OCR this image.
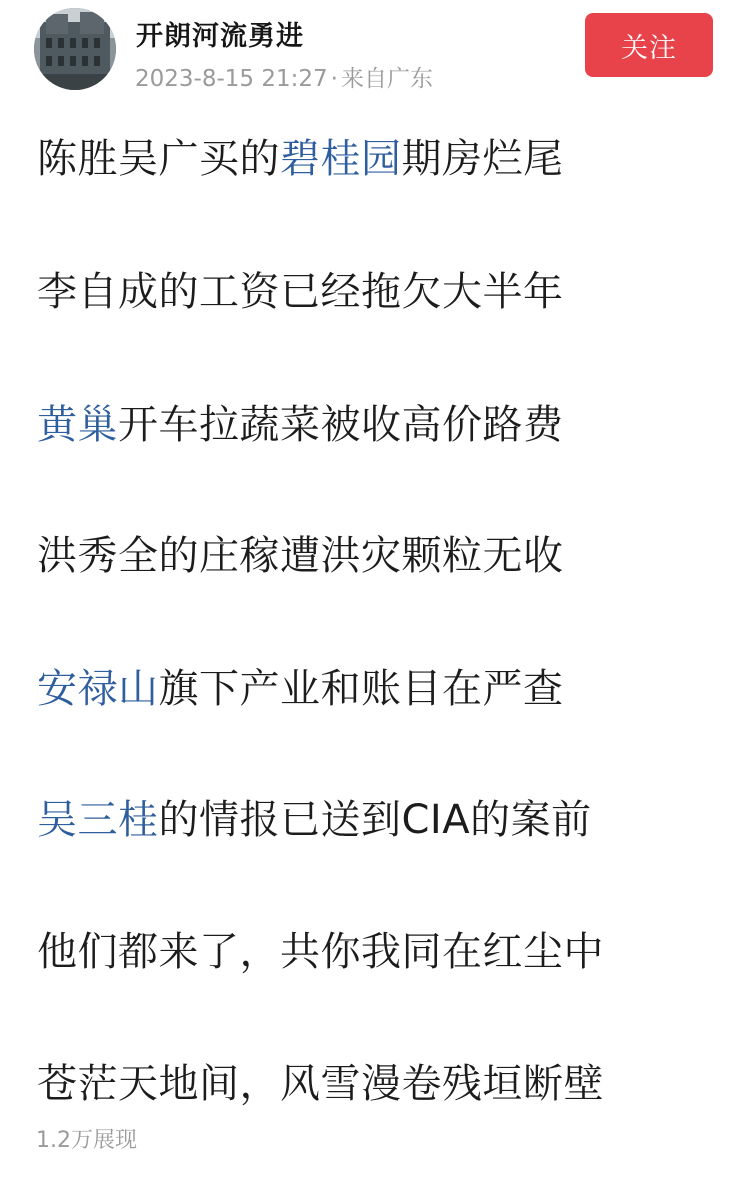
开朗河流勇进
2023-8-15 21:27 · 来自广东
关注
陈胜吴广买的碧桂园期房烂尾
李自成的工资已经拖欠大半年
黄巢开车拉蔬菜被收高价路费
洪秀全的庄稼遭洪灾颗粒无收
安禄山旗下产业和账目在严查
吴三桂的情报已送到CIA的案前
他们都来了，共你我同在红尘中
苍茫天地间，风雪漫卷残垣断壁
1.2万展现
